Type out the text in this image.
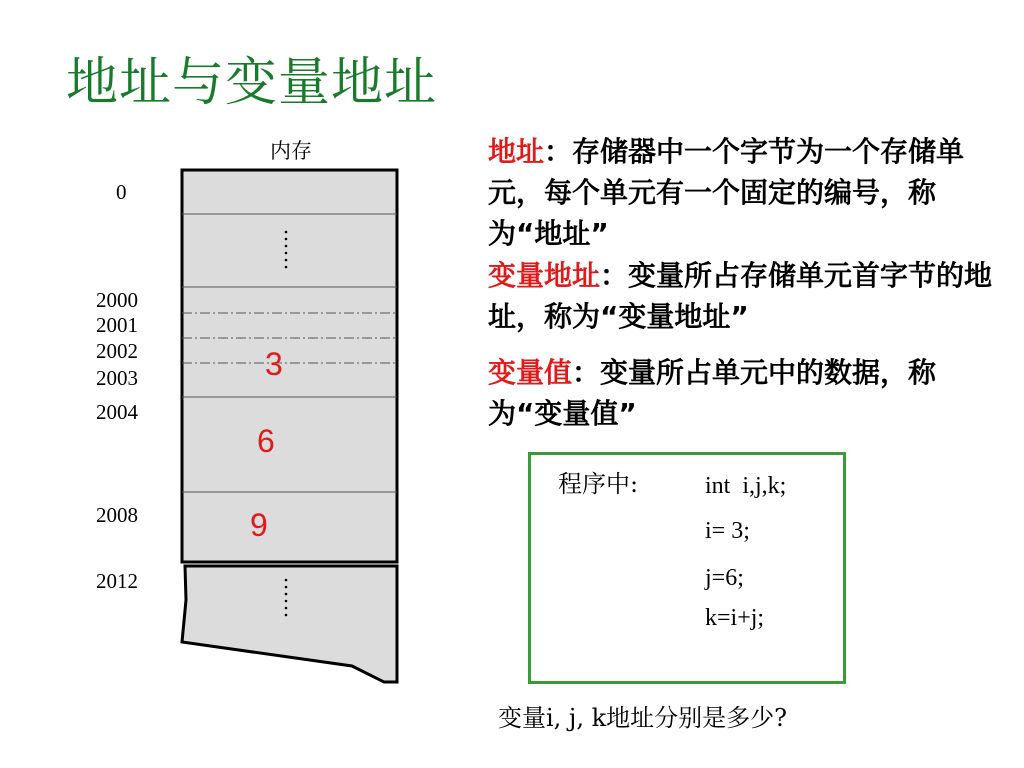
地址与变量地址
内存
0
2000
2001
2002
2003
2004
2008
2012
3
6
9
地址：存储器中一个字节为一个存储单元，每个单元有一个固定的编号，称为“地址”
变量地址：变量所占存储单元首字节的地址，称为“变量地址”
变量值：变量所占单元中的数据，称为“变量值”
程序中:	int  i,j,k;
i= 3;
j=6;
k=i+j;
变量i, j, k地址分别是多少?
